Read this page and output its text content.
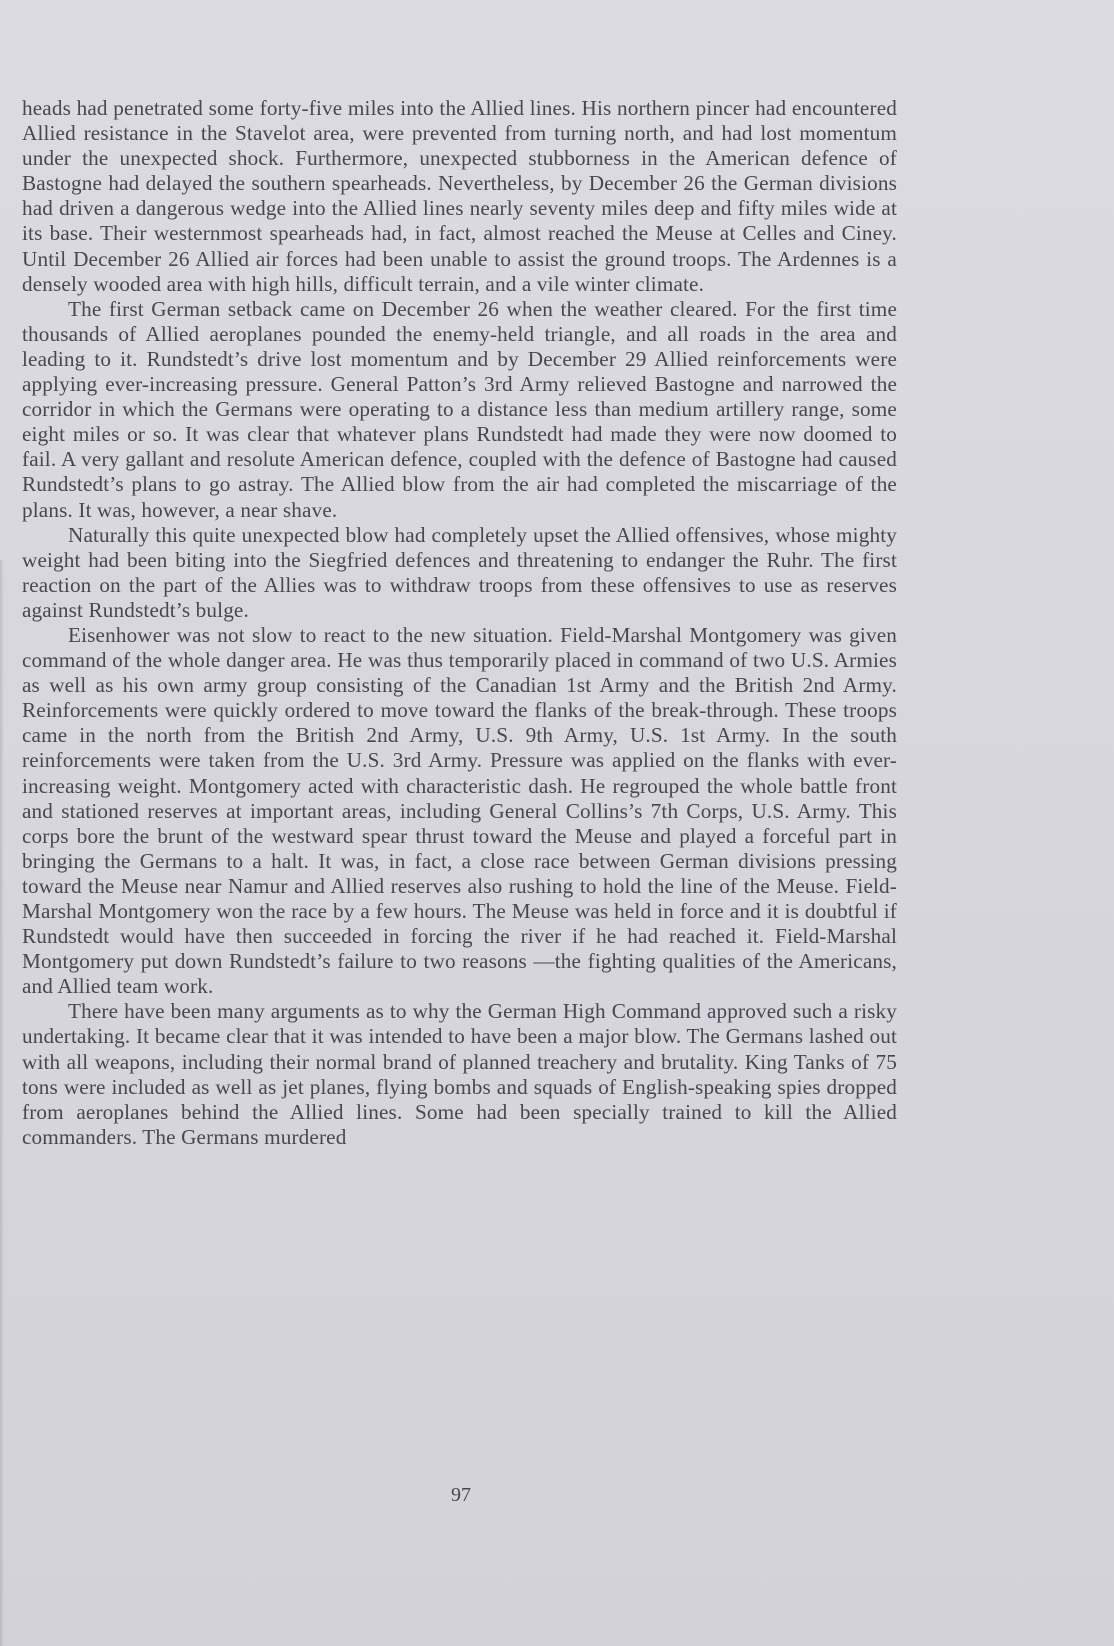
heads had penetrated some forty-five miles into the Allied lines. His northern pincer had encountered Allied resistance in the Stavelot area, were prevented from turning north, and had lost momentum under the unexpected shock. Furthermore, unexpected stubborness in the American defence of Bastogne had delayed the southern spearheads. Nevertheless, by December 26 the German divisions had driven a dangerous wedge into the Allied lines nearly seventy miles deep and fifty miles wide at its base. Their westernmost spearheads had, in fact, almost reached the Meuse at Celles and Ciney. Until December 26 Allied air forces had been unable to assist the ground troops. The Ardennes is a densely wooded area with high hills, difficult terrain, and a vile winter climate.

The first German setback came on December 26 when the weather cleared. For the first time thousands of Allied aeroplanes pounded the enemy-held triangle, and all roads in the area and leading to it. Rundstedt’s drive lost momentum and by December 29 Allied reinforcements were applying ever-increasing pressure. General Patton’s 3rd Army relieved Bastogne and narrowed the corridor in which the Germans were operating to a distance less than medium artillery range, some eight miles or so. It was clear that whatever plans Rundstedt had made they were now doomed to fail. A very gallant and resolute American defence, coupled with the defence of Bastogne had caused Rundstedt’s plans to go astray. The Allied blow from the air had completed the miscarriage of the plans. It was, however, a near shave.

Naturally this quite unexpected blow had completely upset the Allied offensives, whose mighty weight had been biting into the Siegfried defences and threatening to endanger the Ruhr. The first reaction on the part of the Allies was to withdraw troops from these offensives to use as reserves against Rundstedt’s bulge.

Eisenhower was not slow to react to the new situation. Field-Marshal Montgomery was given command of the whole danger area. He was thus temporarily placed in command of two U.S. Armies as well as his own army group consisting of the Canadian 1st Army and the British 2nd Army. Reinforcements were quickly ordered to move toward the flanks of the break-through. These troops came in the north from the British 2nd Army, U.S. 9th Army, U.S. 1st Army. In the south reinforcements were taken from the U.S. 3rd Army. Pressure was applied on the flanks with ever-increasing weight. Montgomery acted with characteristic dash. He regrouped the whole battle front and stationed reserves at important areas, including General Collins’s 7th Corps, U.S. Army. This corps bore the brunt of the westward spear thrust toward the Meuse and played a forceful part in bringing the Germans to a halt. It was, in fact, a close race between German divisions pressing toward the Meuse near Namur and Allied reserves also rushing to hold the line of the Meuse. Field-Marshal Montgomery won the race by a few hours. The Meuse was held in force and it is doubtful if Rundstedt would have then succeeded in forcing the river if he had reached it. Field-Marshal Montgomery put down Rundstedt’s failure to two reasons —the fighting qualities of the Americans, and Allied team work.

There have been many arguments as to why the German High Command approved such a risky undertaking. It became clear that it was intended to have been a major blow. The Germans lashed out with all weapons, including their normal brand of planned treachery and brutality. King Tanks of 75 tons were included as well as jet planes, flying bombs and squads of English-speaking spies dropped from aeroplanes behind the Allied lines. Some had been specially trained to kill the Allied commanders. The Germans murdered

97
